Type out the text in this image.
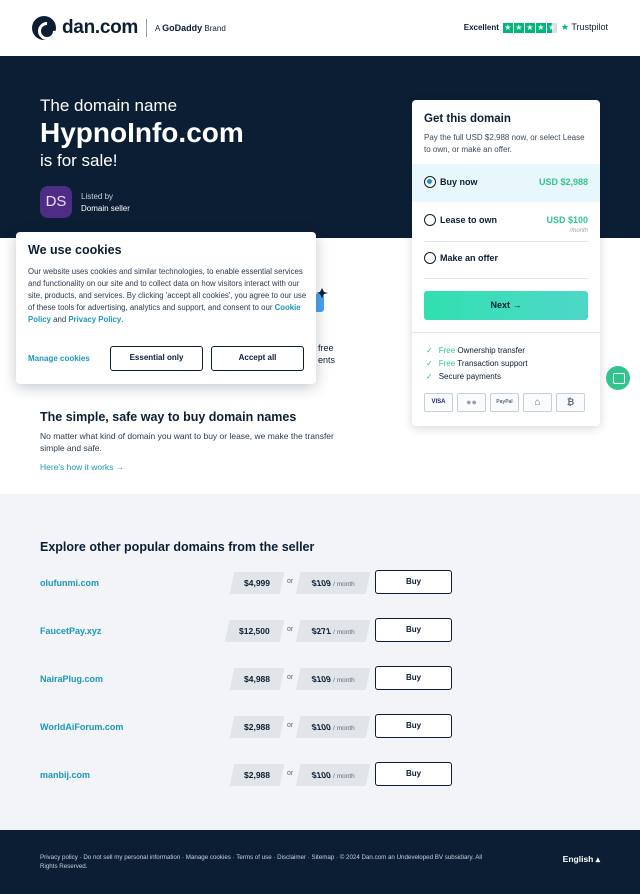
dan.com A GoDaddy Brand	Excellent ★ ★ ★ ★ ★ ★ Trustpilot
The domain name
HypnoInfo.com
is for sale!
DS	Listed by
Domain seller
free
ents
The simple, safe way to buy domain names
No matter what kind of domain you want to buy or lease, we make the transfer simple and safe.
Here's how it works →
Get this domain
Pay the full USD $2,988 now, or select Lease to own, or make an offer.
Buy now	USD $2,988
Lease to own	USD $100
/month
Make an offer
Next →
✓ Free Ownership transfer
✓ Free Transaction support
✓ Secure payments
VISA	●●	PayPal	⌂	₿
We use cookies
Our website uses cookies and similar technologies, to enable essential services and functionality on our site and to collect data on how visitors interact with our site, products, and services. By clicking 'accept all cookies', you agree to our use of these tools for advertising, analytics and support, and consent to our Cookie Policy and Privacy Policy.
Manage cookies	Essential only	Accept all
Explore other popular domains from the seller
olufunmi.com	$4,999	or	$109 / month	Buy
FaucetPay.xyz	$12,500	or	$271 / month	Buy
NairaPlug.com	$4,988	or	$109 / month	Buy
WorldAiForum.com	$2,988	or	$100 / month	Buy
manbij.com	$2,988	or	$100 / month	Buy
Privacy policy · Do not sell my personal information · Manage cookies · Terms of use · Disclaimer · Sitemap · © 2024 Dan.com an Undeveloped BV subsidiary. All Rights Reserved.
English ▴
